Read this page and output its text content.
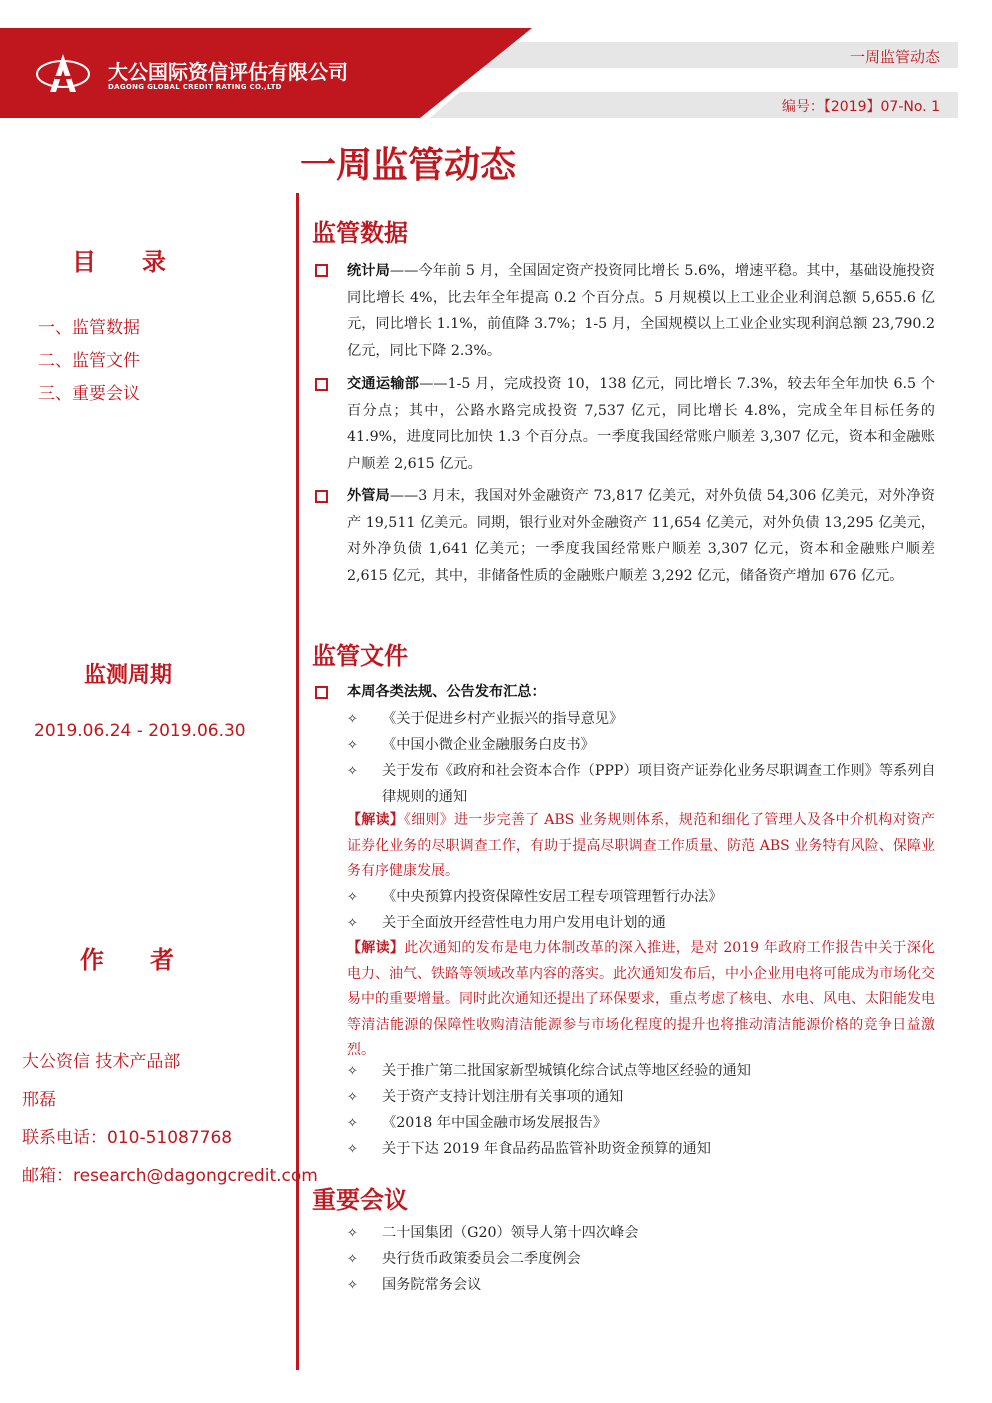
大公国际资信评估有限公司
DAGONG GLOBAL CREDIT RATING CO.,LTD
一周监管动态
编号：【2019】07-No. 1
一周监管动态
目录
一、监管数据
二、监管文件
三、重要会议
监测周期
2019.06.24 - 2019.06.30
作者
大公资信 技术产品部
邢磊
联系电话：010-51087768
邮箱：research@dagongcredit.com
监管数据
统计局——今年前 5 月，全国固定资产投资同比增长 5.6%，增速平稳。其中，基础设施投资同比增长 4%，比去年全年提高 0.2 个百分点。5 月规模以上工业企业利润总额 5,655.6 亿元，同比增长 1.1%，前值降 3.7%；1-5 月，全国规模以上工业企业实现利润总额 23,790.2 亿元，同比下降 2.3%。
交通运输部——1-5 月，完成投资 10，138 亿元，同比增长 7.3%，较去年全年加快 6.5 个百分点；其中，公路水路完成投资 7,537 亿元，同比增长 4.8%，完成全年目标任务的 41.9%，进度同比加快 1.3 个百分点。一季度我国经常账户顺差 3,307 亿元，资本和金融账户顺差 2,615 亿元。
外管局——3 月末，我国对外金融资产 73,817 亿美元，对外负债 54,306 亿美元，对外净资产 19,511 亿美元。同期，银行业对外金融资产 11,654 亿美元，对外负债 13,295 亿美元，对外净负债 1,641 亿美元；一季度我国经常账户顺差 3,307 亿元，资本和金融账户顺差 2,615 亿元，其中，非储备性质的金融账户顺差 3,292 亿元，储备资产增加 676 亿元。
监管文件
本周各类法规、公告发布汇总：
✧ 《关于促进乡村产业振兴的指导意见》
✧ 《中国小微企业金融服务白皮书》
✧ 关于发布《政府和社会资本合作（PPP）项目资产证券化业务尽职调查工作则》等系列自律规则的通知
【解读】《细则》进一步完善了 ABS 业务规则体系，规范和细化了管理人及各中介机构对资产证券化业务的尽职调查工作，有助于提高尽职调查工作质量、防范 ABS 业务特有风险、保障业务有序健康发展。
✧ 《中央预算内投资保障性安居工程专项管理暂行办法》
✧ 关于全面放开经营性电力用户发用电计划的通
【解读】此次通知的发布是电力体制改革的深入推进，是对 2019 年政府工作报告中关于深化电力、油气、铁路等领域改革内容的落实。此次通知发布后，中小企业用电将可能成为市场化交易中的重要增量。同时此次通知还提出了环保要求，重点考虑了核电、水电、风电、太阳能发电等清洁能源的保障性收购清洁能源参与市场化程度的提升也将推动清洁能源价格的竞争日益激烈。
✧ 关于推广第二批国家新型城镇化综合试点等地区经验的通知
✧ 关于资产支持计划注册有关事项的通知
✧ 《2018 年中国金融市场发展报告》
✧ 关于下达 2019 年食品药品监管补助资金预算的通知
重要会议
✧ 二十国集团（G20）领导人第十四次峰会
✧ 央行货币政策委员会二季度例会
✧ 国务院常务会议
